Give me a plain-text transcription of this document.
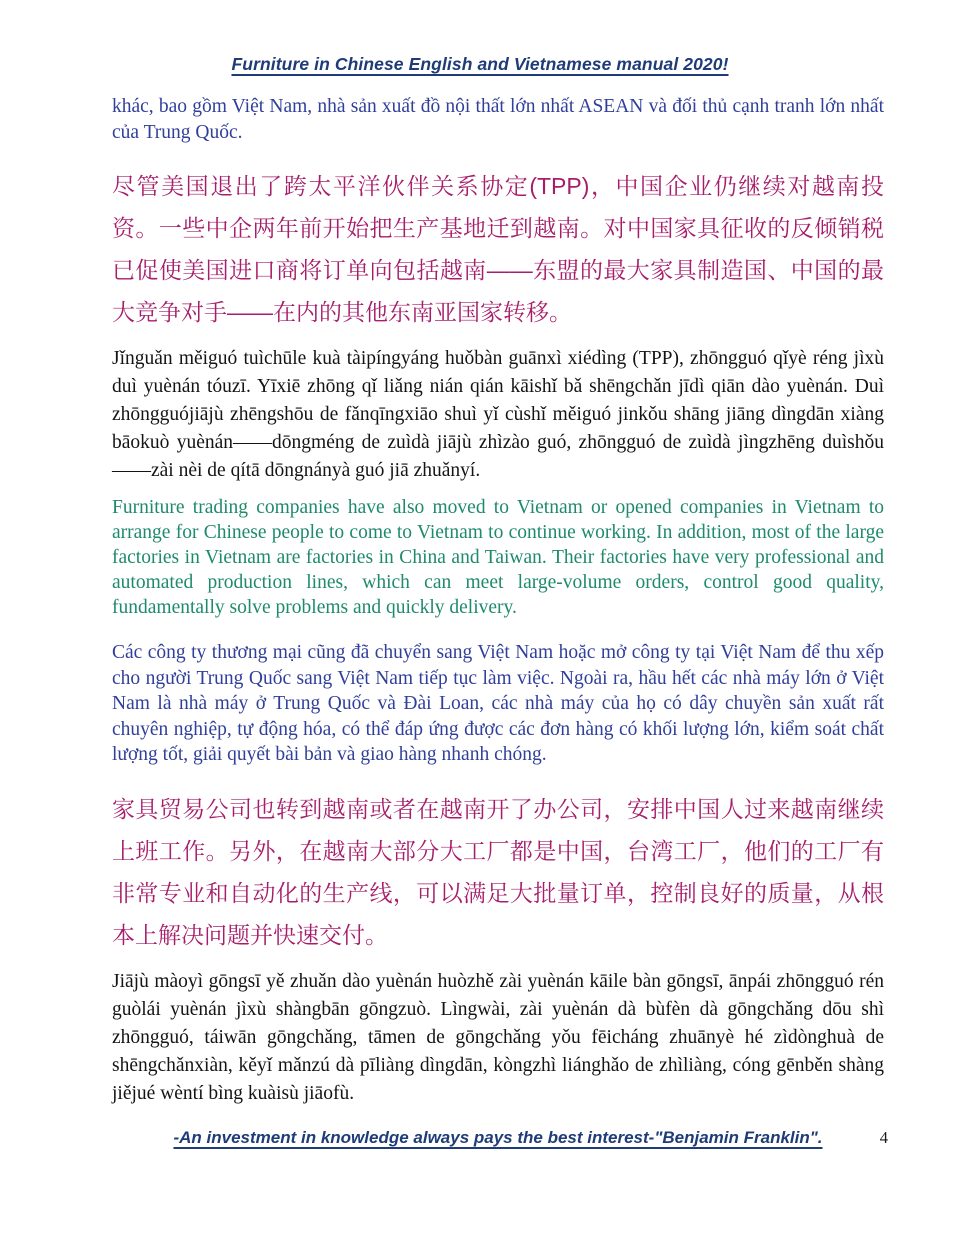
Furniture in Chinese English and Vietnamese manual 2020!

khác, bao gồm Việt Nam, nhà sản xuất đồ nội thất lớn nhất ASEAN và đối thủ cạnh tranh lớn nhất của Trung Quốc.

尽管美国退出了跨太平洋伙伴关系协定(TPP)，中国企业仍继续对越南投资。一些中企两年前开始把生产基地迁到越南。对中国家具征收的反倾销税已促使美国进口商将订单向包括越南——东盟的最大家具制造国、中国的最大竞争对手——在内的其他东南亚国家转移。

Jǐnguǎn měiguó tuìchūle kuà tàipíngyáng huǒbàn guānxì xiédìng (TPP), zhōngguó qǐyè réng jìxù duì yuènán tóuzī. Yīxiē zhōng qǐ liǎng nián qián kāishǐ bǎ shēngchǎn jīdì qiān dào yuènán. Duì zhōngguójiājù zhēngshōu de fǎnqīngxiāo shuì yǐ cùshǐ měiguó jinkǒu shāng jiāng dìngdān xiàng bāokuò yuènán——dōngméng de zuìdà jiājù zhìzào guó, zhōngguó de zuìdà jìngzhēng duìshǒu——zài nèi de qítā dōngnányà guó jiā zhuǎnyí.

Furniture trading companies have also moved to Vietnam or opened companies in Vietnam to arrange for Chinese people to come to Vietnam to continue working. In addition, most of the large factories in Vietnam are factories in China and Taiwan. Their factories have very professional and automated production lines, which can meet large-volume orders, control good quality, fundamentally solve problems and quickly delivery.

Các công ty thương mại cũng đã chuyển sang Việt Nam hoặc mở công ty tại Việt Nam để thu xếp cho người Trung Quốc sang Việt Nam tiếp tục làm việc. Ngoài ra, hầu hết các nhà máy lớn ở Việt Nam là nhà máy ở Trung Quốc và Đài Loan, các nhà máy của họ có dây chuyền sản xuất rất chuyên nghiệp, tự động hóa, có thể đáp ứng được các đơn hàng có khối lượng lớn, kiểm soát chất lượng tốt, giải quyết bài bản và giao hàng nhanh chóng.

家具贸易公司也转到越南或者在越南开了办公司，安排中国人过来越南继续上班工作。另外，在越南大部分大工厂都是中国，台湾工厂，他们的工厂有非常专业和自动化的生产线，可以满足大批量订单，控制良好的质量，从根本上解决问题并快速交付。

Jiājù màoyì gōngsī yě zhuǎn dào yuènán huòzhě zài yuènán kāile bàn gōngsī, ānpái zhōngguó rén guòlái yuènán jìxù shàngbān gōngzuò. Lìngwài, zài yuènán dà bùfèn dà gōngchǎng dōu shì zhōngguó, táiwān gōngchǎng, tāmen de gōngchǎng yǒu fēicháng zhuānyè hé zìdònghuà de shēngchǎnxiàn, kěyǐ mǎnzú dà pīliàng dìngdān, kòngzhì liánghǎo de zhìliàng, cóng gēnběn shàng jiějué wèntí bìng kuàisù jiāofù.

-An investment in knowledge always pays the best interest-"Benjamin Franklin".	4
